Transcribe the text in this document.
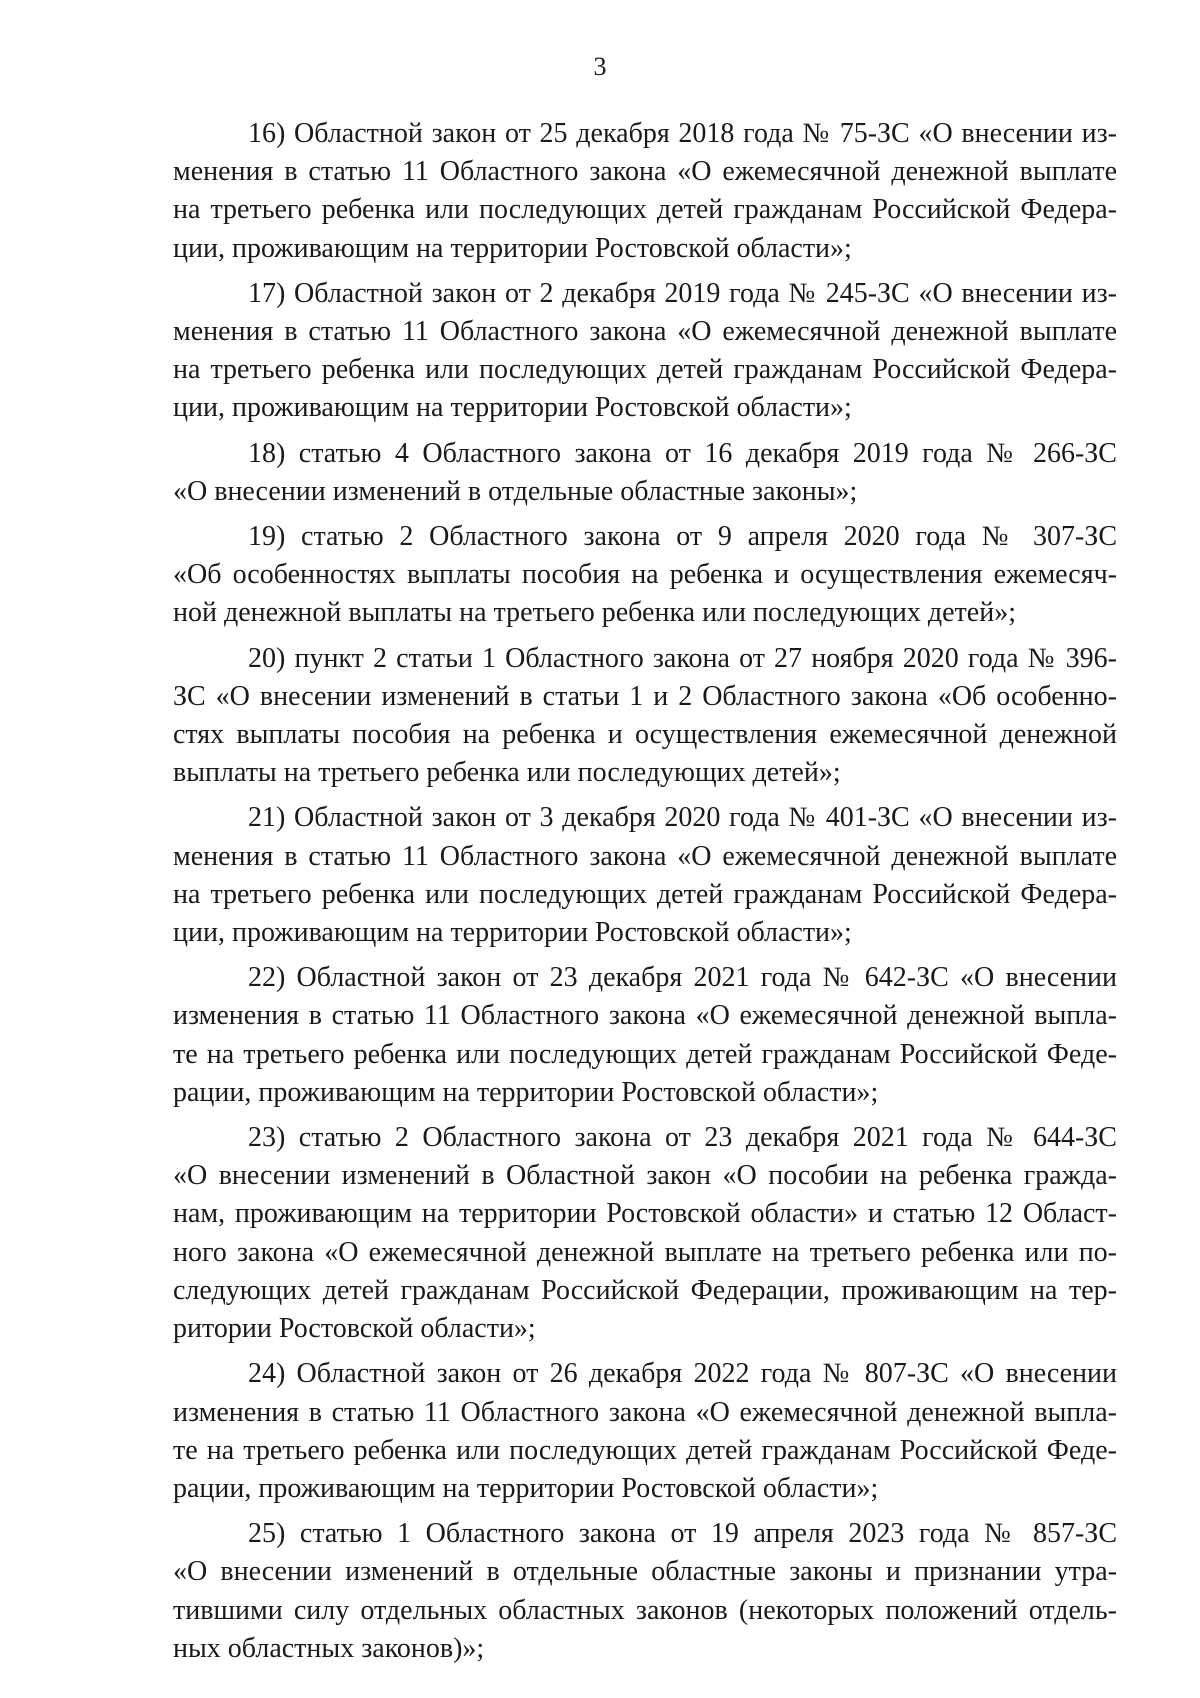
3

16) Областной закон от 25 декабря 2018 года № 75-ЗС «О внесении из-
менения в статью 11 Областного закона «О ежемесячной денежной выплате
на третьего ребенка или последующих детей гражданам Российской Федера-
ции, проживающим на территории Ростовской области»;

17) Областной закон от 2 декабря 2019 года № 245-ЗС «О внесении из-
менения в статью 11 Областного закона «О ежемесячной денежной выплате
на третьего ребенка или последующих детей гражданам Российской Федера-
ции, проживающим на территории Ростовской области»;

18) статью 4 Областного закона от 16 декабря 2019 года № 266-ЗС
«О внесении изменений в отдельные областные законы»;

19) статью 2 Областного закона от 9 апреля 2020 года № 307-ЗС
«Об особенностях выплаты пособия на ребенка и осуществления ежемесяч-
ной денежной выплаты на третьего ребенка или последующих детей»;

20) пункт 2 статьи 1 Областного закона от 27 ноября 2020 года № 396-
ЗС «О внесении изменений в статьи 1 и 2 Областного закона «Об особенно-
стях выплаты пособия на ребенка и осуществления ежемесячной денежной
выплаты на третьего ребенка или последующих детей»;

21) Областной закон от 3 декабря 2020 года № 401-ЗС «О внесении из-
менения в статью 11 Областного закона «О ежемесячной денежной выплате
на третьего ребенка или последующих детей гражданам Российской Федера-
ции, проживающим на территории Ростовской области»;

22) Областной закон от 23 декабря 2021 года № 642-ЗС «О внесении
изменения в статью 11 Областного закона «О ежемесячной денежной выпла-
те на третьего ребенка или последующих детей гражданам Российской Феде-
рации, проживающим на территории Ростовской области»;

23) статью 2 Областного закона от 23 декабря 2021 года № 644-ЗС
«О внесении изменений в Областной закон «О пособии на ребенка гражда-
нам, проживающим на территории Ростовской области» и статью 12 Област-
ного закона «О ежемесячной денежной выплате на третьего ребенка или по-
следующих детей гражданам Российской Федерации, проживающим на тер-
ритории Ростовской области»;

24) Областной закон от 26 декабря 2022 года № 807-ЗС «О внесении
изменения в статью 11 Областного закона «О ежемесячной денежной выпла-
те на третьего ребенка или последующих детей гражданам Российской Феде-
рации, проживающим на территории Ростовской области»;

25) статью 1 Областного закона от 19 апреля 2023 года № 857-ЗС
«О внесении изменений в отдельные областные законы и признании утра-
тившими силу отдельных областных законов (некоторых положений отдель-
ных областных законов)»;
